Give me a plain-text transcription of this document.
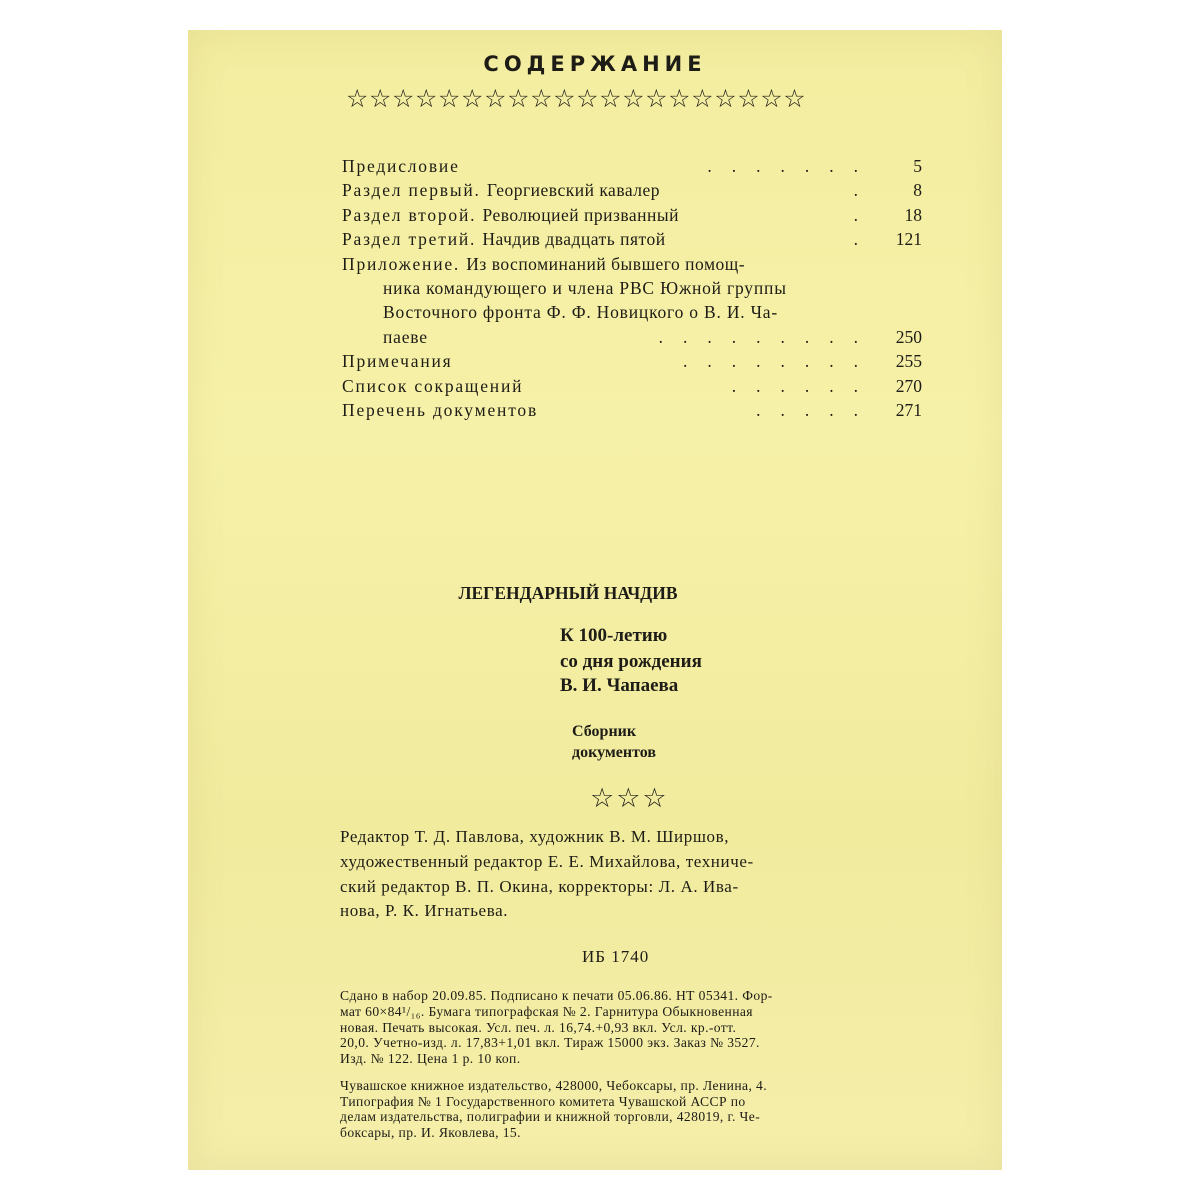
СОДЕРЖАНИЕ
☆☆☆☆☆☆☆☆☆☆☆☆☆☆☆☆☆☆☆☆
Предисловие	....... 5
Раздел первый. Георгиевский кавалер	. 8
Раздел второй. Революцией призванный	. 18
Раздел третий. Начдив двадцать пятой	. 121
Приложение. Из воспоминаний бывшего помощ-
ника командующего и члена РВС Южной группы
Восточного фронта Ф. Ф. Новицкого о В. И. Ча-
паеве	......... 250
Примечания	........ 255
Список сокращений	...... 270
Перечень документов	..... 271
ЛЕГЕНДАРНЫЙ НАЧДИВ
К 100-летию
со дня рождения
В. И. Чапаева
Сборник
документов
☆☆☆
Редактор Т. Д. Павлова, художник В. М. Ширшов,
художественный редактор Е. Е. Михайлова, техниче-
ский редактор В. П. Окина, корректоры: Л. А. Ива-
нова, Р. К. Игнатьева.
ИБ 1740
Сдано в набор 20.09.85. Подписано к печати 05.06.86. НТ 05341. Фор-
мат 60×84¹/₁₆. Бумага типографская № 2. Гарнитура Обыкновенная
новая. Печать высокая. Усл. печ. л. 16,74.+0,93 вкл. Усл. кр.-отт.
20,0. Учетно-изд. л. 17,83+1,01 вкл. Тираж 15000 экз. Заказ № 3527.
Изд. № 122. Цена 1 р. 10 коп.
Чувашское книжное издательство, 428000, Чебоксары, пр. Ленина, 4.
Типография № 1 Государственного комитета Чувашской АССР по
делам издательства, полиграфии и книжной торговли, 428019, г. Че-
боксары, пр. И. Яковлева, 15.
